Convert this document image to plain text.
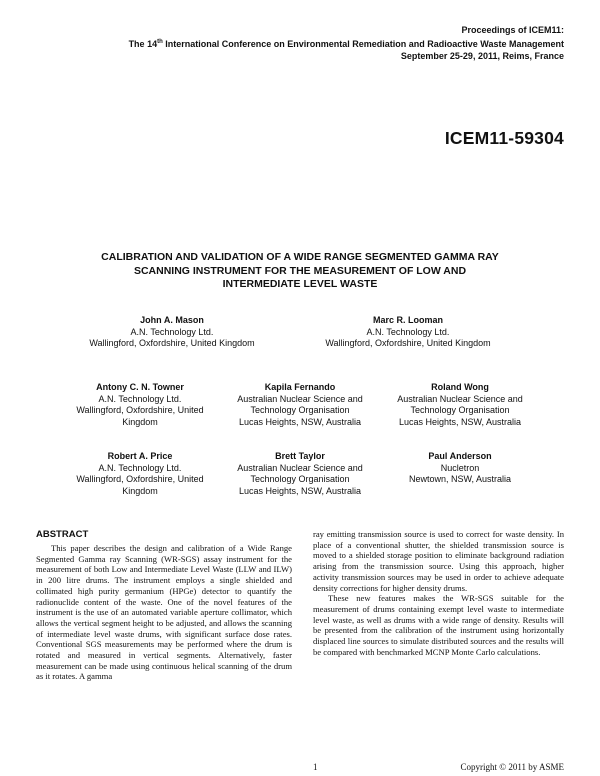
Proceedings of ICEM11:
The 14th International Conference on Environmental Remediation and Radioactive Waste Management
September 25-29, 2011, Reims, France
ICEM11-59304
CALIBRATION AND VALIDATION OF A WIDE RANGE SEGMENTED GAMMA RAY
SCANNING INSTRUMENT FOR THE MEASUREMENT OF LOW AND
INTERMEDIATE LEVEL WASTE
John A. Mason
A.N. Technology Ltd.
Wallingford, Oxfordshire, United Kingdom
Marc R. Looman
A.N. Technology Ltd.
Wallingford, Oxfordshire, United Kingdom
Antony C. N. Towner
A.N. Technology Ltd.
Wallingford, Oxfordshire, United
Kingdom
Kapila Fernando
Australian Nuclear Science and
Technology Organisation
Lucas Heights, NSW, Australia
Roland Wong
Australian Nuclear Science and
Technology Organisation
Lucas Heights, NSW, Australia
Robert A. Price
A.N. Technology Ltd.
Wallingford, Oxfordshire, United
Kingdom
Brett Taylor
Australian Nuclear Science and
Technology Organisation
Lucas Heights, NSW, Australia
Paul Anderson
Nucletron
Newtown, NSW, Australia
ABSTRACT

This paper describes the design and calibration of a Wide Range Segmented Gamma ray Scanning (WR-SGS) assay instrument for the measurement of both Low and Intermediate Level Waste (LLW and ILW) in 200 litre drums. The instrument employs a single shielded and collimated high purity germanium (HPGe) detector to quantify the radionuclide content of the waste. One of the novel features of the instrument is the use of an automated variable aperture collimator, which allows the vertical segment height to be adjusted, and allows the scanning of intermediate level waste drums, with significant surface dose rates. Conventional SGS measurements may be performed where the drum is rotated and measured in vertical segments. Alternatively, faster measurement can be made using continuous helical scanning of the drum as it rotates. A gamma

ray emitting transmission source is used to correct for waste density. In place of a conventional shutter, the shielded transmission source is moved to a shielded storage position to eliminate background radiation arising from the transmission source. Using this approach, higher activity transmission sources may be used in order to achieve adequate density corrections for higher density drums.

These new features makes the WR-SGS suitable for the measurement of drums containing exempt level waste to intermediate level waste, as well as drums with a wide range of density. Results will be presented from the calibration of the instrument using horizontally displaced line sources to simulate distributed sources and the results will be compared with benchmarked MCNP Monte Carlo calculations.

1	Copyright © 2011 by ASME
